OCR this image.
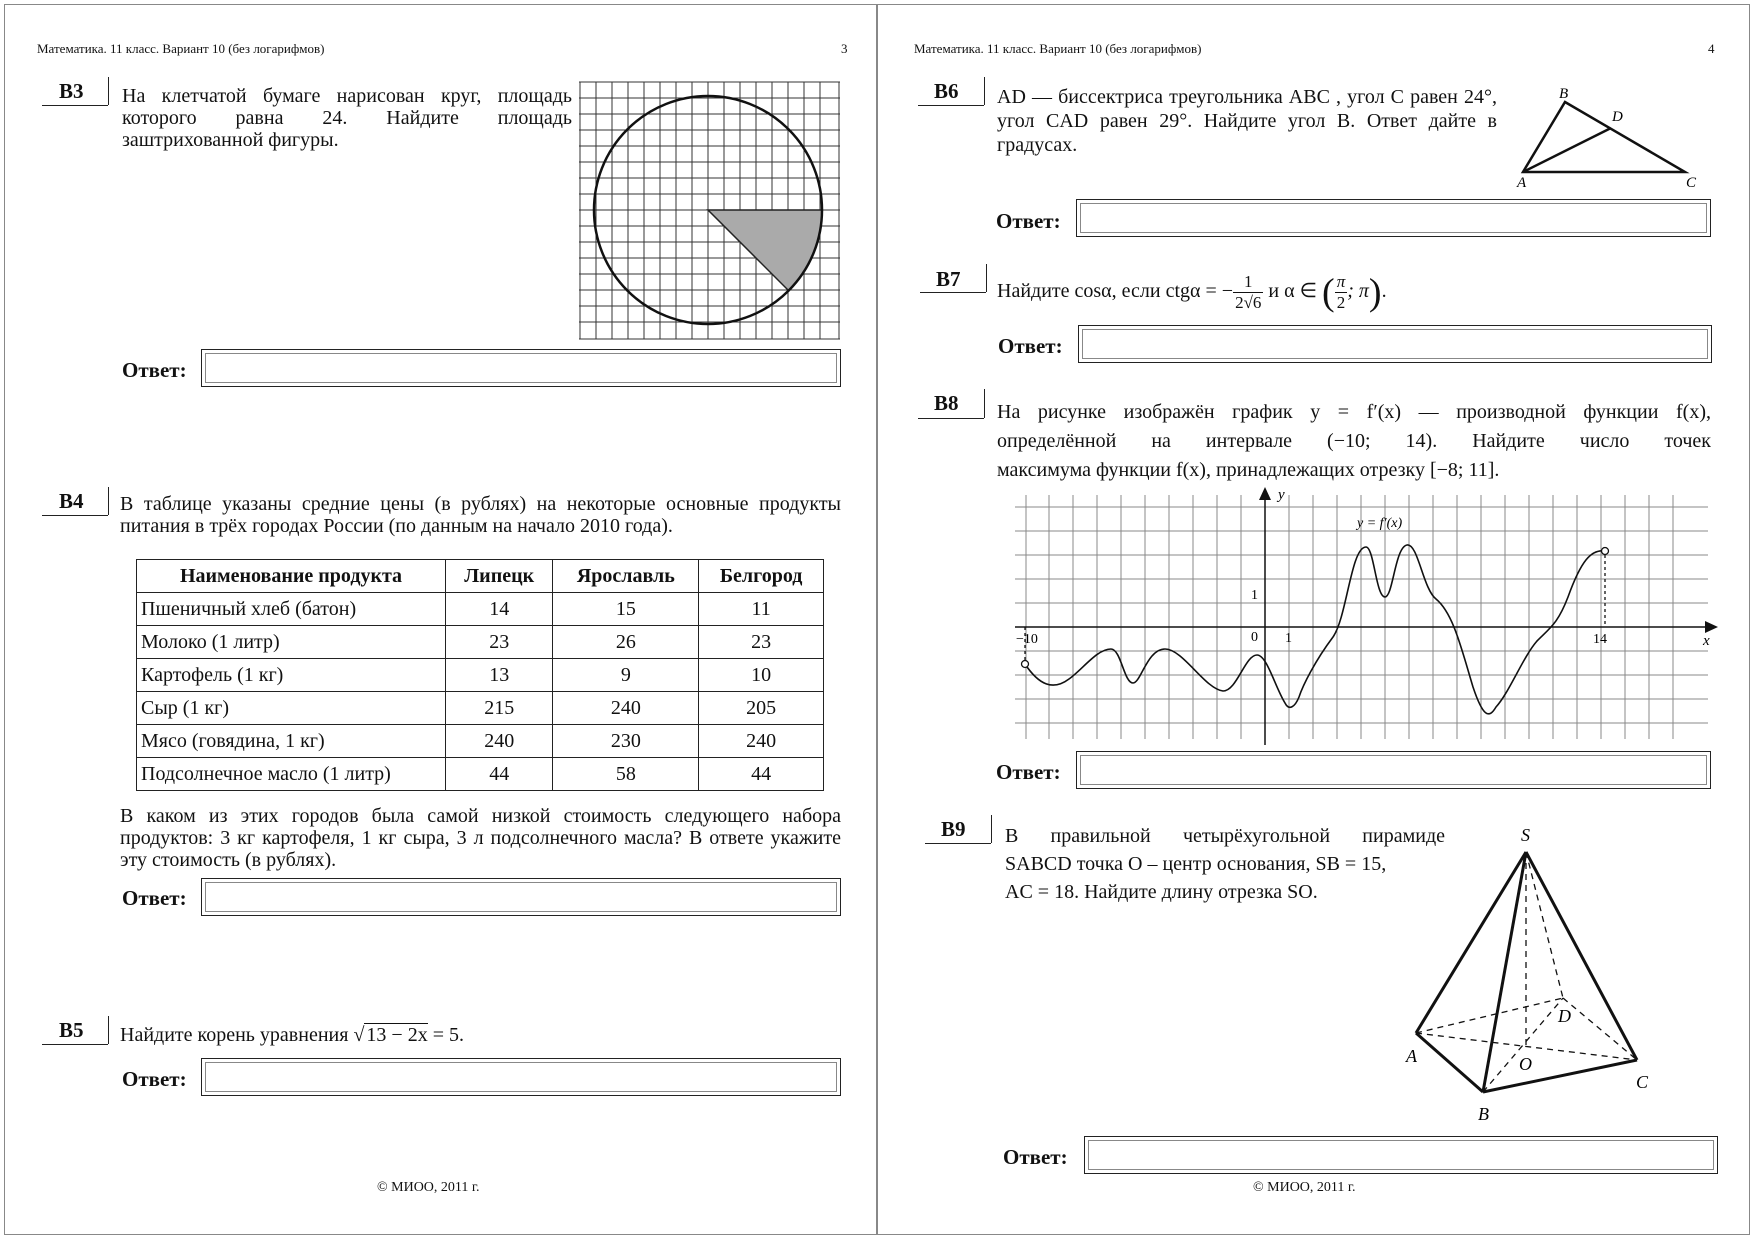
Математика. 11 класс. Вариант 10 (без логарифмов)	3
B3 На клетчатой бумаге нарисован круг, площадь которого равна 24. Найдите площадь заштрихованной фигуры.
Ответ:
B4 В таблице указаны средние цены (в рублях) на некоторые основные продукты питания в трёх городах России (по данным на начало 2010 года).
Наименование продукта	Липецк	Ярославль	Белгород
Пшеничный хлеб (батон)	14	15	11
Молоко (1 литр)	23	26	23
Картофель (1 кг)	13	9	10
Сыр (1 кг)	215	240	205
Мясо (говядина, 1 кг)	240	230	240
Подсолнечное масло (1 литр)	44	58	44
В каком из этих городов была самой низкой стоимость следующего набора продуктов: 3 кг картофеля, 1 кг сыра, 3 л подсолнечного масла? В ответе укажите эту стоимость (в рублях).
Ответ:
B5 Найдите корень уравнения √ 13 − 2x = 5.
Ответ:
© МИОО, 2011 г.
Математика. 11 класс. Вариант 10 (без логарифмов)	4
B6 AD — биссектриса треугольника ABC , угол C равен 24°, угол CAD равен 29°. Найдите угол B. Ответ дайте в градусах.
B
D
A	C
Ответ:
B7 Найдите cosα, если ctgα = − $\frac{1}{2√6}$ и α ∈ ( $\frac{\pi}{2}$ ; π).
Ответ:
B8 На рисунке изображён график y = f′(x) — производной функции f(x),
определённой на интервале (−10; 14). Найдите число точек
максимума функции f(x), принадлежащих отрезку [−8; 11].
y
x
y = f′(x)
1
0 1
−10	14
Ответ:
B9 В правильной четырёхугольной пирамиде
SABCD точка O – центр основания, SB = 15,
AC = 18. Найдите длину отрезка SO.
S
A
B
C
D
O
Ответ:
© МИОО, 2011 г.
